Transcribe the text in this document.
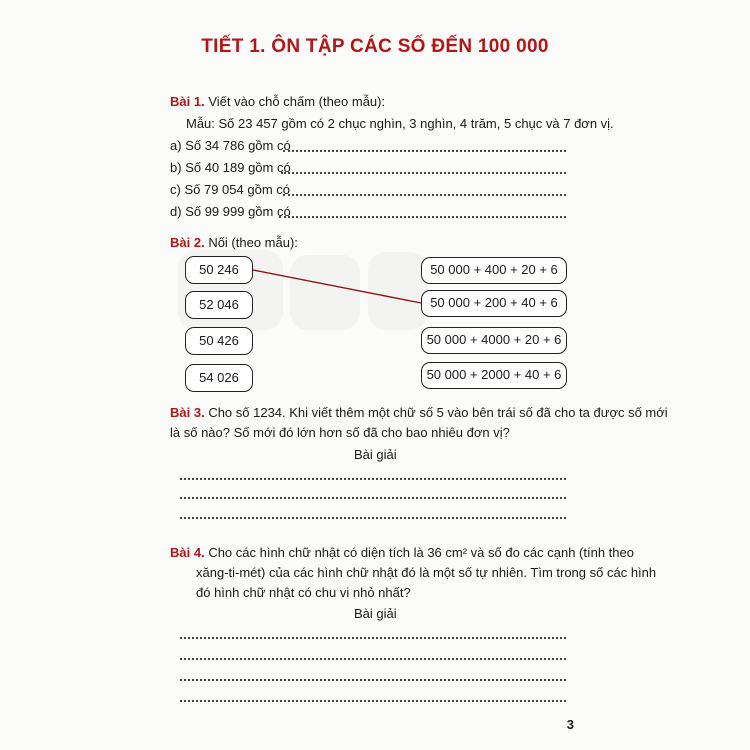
TIẾT 1. ÔN TẬP CÁC SỐ ĐẾN 100 000
Bài 1. Viết vào chỗ chấm (theo mẫu):
Mẫu: Số 23 457 gồm có 2 chục nghìn, 3 nghìn, 4 trăm, 5 chục và 7 đơn vị.
a) Số 34 786 gồm có
b) Số 40 189 gồm có
c) Số 79 054 gồm có
d) Số 99 999 gồm có
Bài 2. Nối (theo mẫu):
50 246
52 046
50 426
54 026
50 000 + 400 + 20 + 6
50 000 + 200 + 40 + 6
50 000 + 4000 + 20 + 6
50 000 + 2000 + 40 + 6
Bài 3. Cho số 1234. Khi viết thêm một chữ số 5 vào bên trái số đã cho ta được số mới
là số nào? Số mới đó lớn hơn số đã cho bao nhiêu đơn vị?
Bài giải
Bài 4. Cho các hình chữ nhật có diện tích là 36 cm² và số đo các cạnh (tính theo
xăng-ti-mét) của các hình chữ nhật đó là một số tự nhiên. Tìm trong số các hình
đó hình chữ nhật có chu vi nhỏ nhất?
Bài giải
3
